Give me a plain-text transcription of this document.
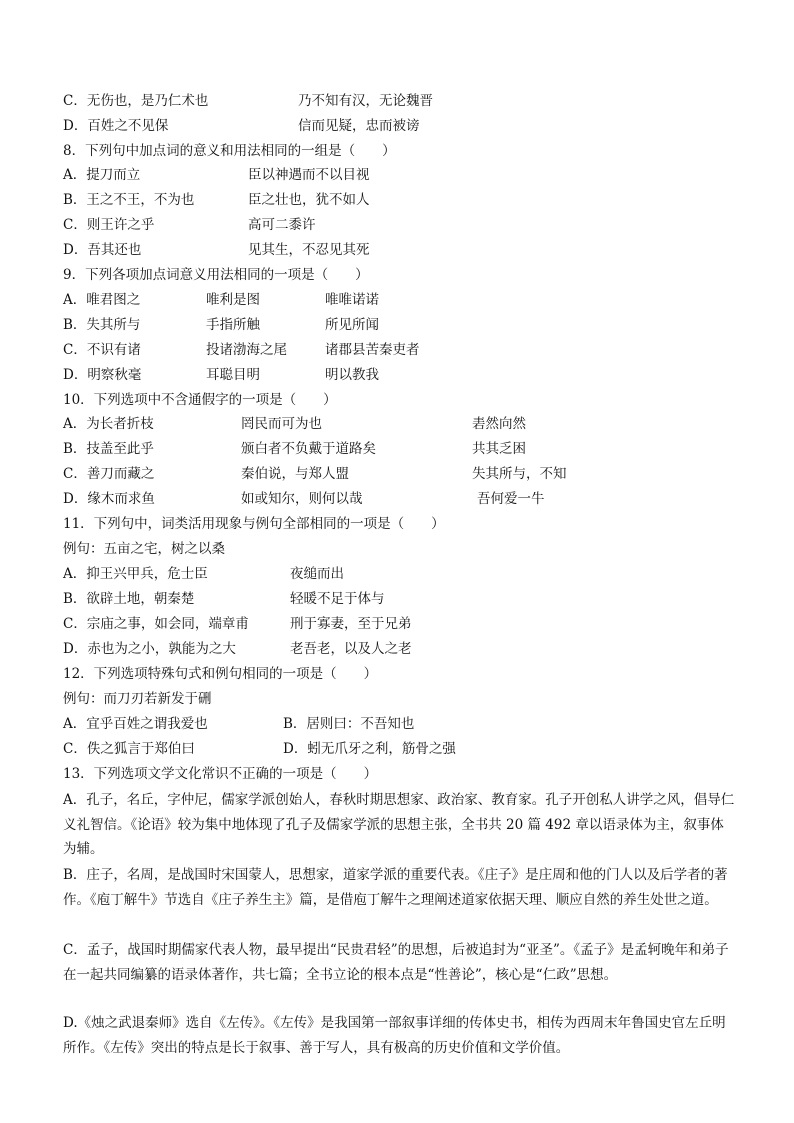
C．无伤也，是乃仁术也	乃不知有汉，无论魏晋
D．百姓之不见保	信而见疑，忠而被谤
8．下列句中加点词的意义和用法相同的一组是（　　）
A．提刀而立	臣以神遇而不以目视
B．王之不王，不为也	臣之壮也，犹不如人
C．则王许之乎	高可二黍许
D．吾其还也	见其生，不忍见其死
9．下列各项加点词意义用法相同的一项是（　　）
A．唯君图之	唯利是图	唯唯诺诺
B．失其所与	手指所触	所见所闻
C．不识有诸	投诸渤海之尾	诸郡县苦秦吏者
D．明察秋毫	耳聪目明	明以教我
10．下列选项中不含通假字的一项是（　　）
A．为长者折枝	罔民而可为也	砉然向然
B．技盖至此乎	颁白者不负戴于道路矣	共其乏困
C．善刀而藏之	秦伯说，与郑人盟	失其所与，不知
D．缘木而求鱼	如或知尔，则何以哉	吾何爱一牛
11．下列句中，词类活用现象与例句全部相同的一项是（　　）
例句：五亩之宅，树之以桑
A．抑王兴甲兵，危士臣	夜缒而出
B．欲辟土地，朝秦楚	轻暖不足于体与
C．宗庙之事，如会同，端章甫	刑于寡妻，至于兄弟
D．赤也为之小，孰能为之大	老吾老，以及人之老
12．下列选项特殊句式和例句相同的一项是（　　）
例句：而刀刃若新发于硎
A．宜乎百姓之谓我爱也	B．居则曰：不吾知也
C．佚之狐言于郑伯曰	D．蚓无爪牙之利，筋骨之强
13．下列选项文学文化常识不正确的一项是（　　）
A．孔子，名丘，字仲尼，儒家学派创始人，春秋时期思想家、政治家、教育家。孔子开创私人讲学之风，倡导仁义礼智信。《论语》较为集中地体现了孔子及儒家学派的思想主张，全书共 20 篇 492 章以语录体为主，叙事体为辅。
B．庄子，名周，是战国时宋国蒙人，思想家，道家学派的重要代表。《庄子》是庄周和他的门人以及后学者的著作。《庖丁解牛》节选自《庄子养生主》篇，是借庖丁解牛之理阐述道家依据天理、顺应自然的养生处世之道。
C．孟子，战国时期儒家代表人物，最早提出“民贵君轻”的思想，后被追封为“亚圣”。《孟子》是孟轲晚年和弟子在一起共同编纂的语录体著作，共七篇；全书立论的根本点是“性善论”，核心是“仁政”思想。
D.《烛之武退秦师》选自《左传》。《左传》是我国第一部叙事详细的传体史书，相传为西周末年鲁国史官左丘明所作。《左传》突出的特点是长于叙事、善于写人，具有极高的历史价值和文学价值。
